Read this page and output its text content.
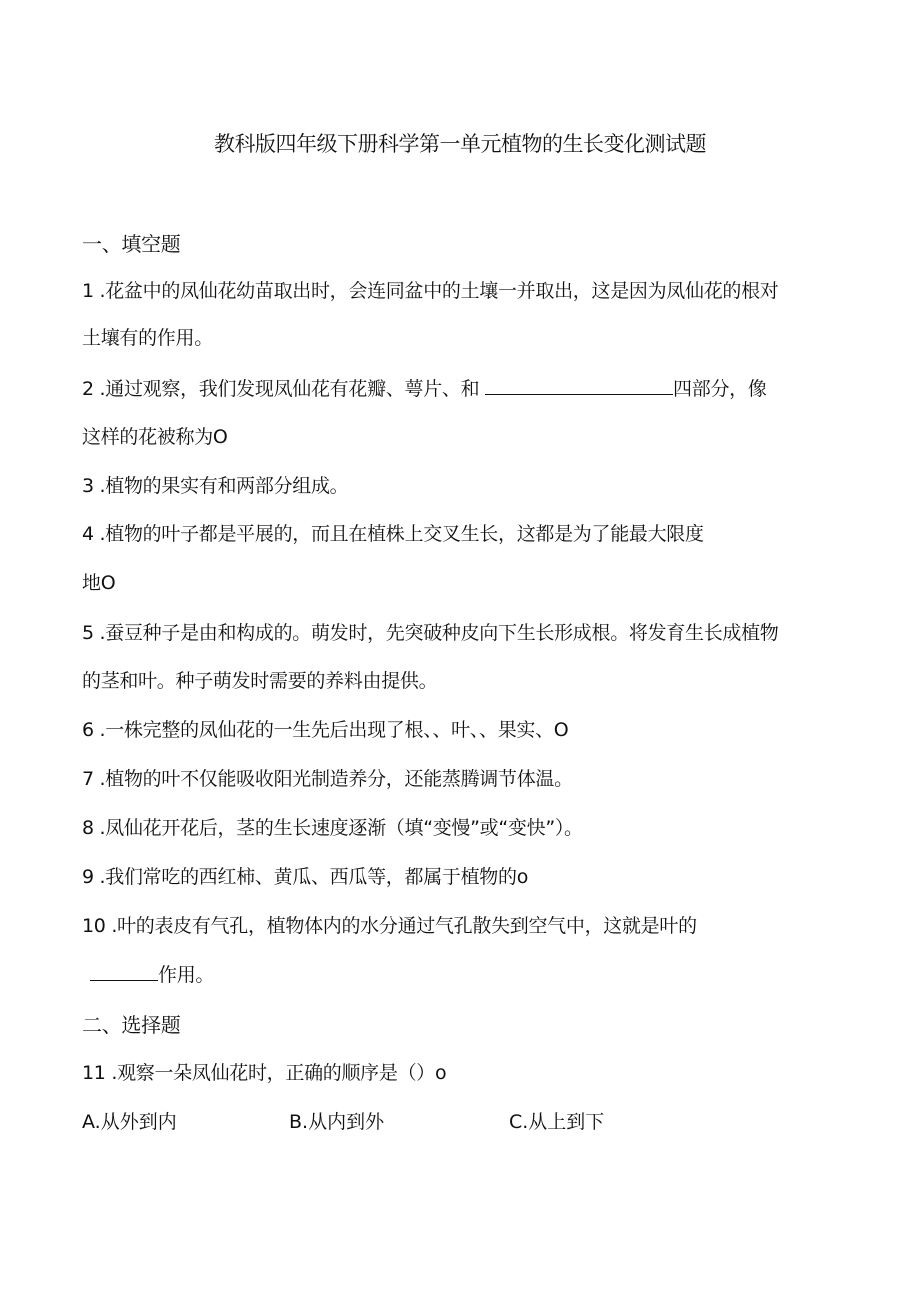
教科版四年级下册科学第一单元植物的生长变化测试题
一、填空题
1 .花盆中的凤仙花幼苗取出时，会连同盆中的土壤一并取出，这是因为凤仙花的根对
土壤有的作用。
2 .通过观察，我们发现凤仙花有花瓣、萼片、和	四部分，像
这样的花被称为O
3 .植物的果实有和两部分组成。
4 .植物的叶子都是平展的，而且在植株上交叉生长，这都是为了能最大限度
地O
5 .蚕豆种子是由和构成的。萌发时，先突破种皮向下生长形成根。将发育生长成植物
的茎和叶。种子萌发时需要的养料由提供。
6 .一株完整的凤仙花的一生先后出现了根、、叶、、果实、O
7 .植物的叶不仅能吸收阳光制造养分，还能蒸腾调节体温。
8 .凤仙花开花后，茎的生长速度逐渐（填“变慢”或“变快”）。
9 .我们常吃的西红柿、黄瓜、西瓜等，都属于植物的o
10 .叶的表皮有气孔，植物体内的水分通过气孔散失到空气中，这就是叶的
作用。
二、选择题
11 .观察一朵凤仙花时，正确的顺序是（）o
A.从外到内	B.从内到外	C.从上到下
